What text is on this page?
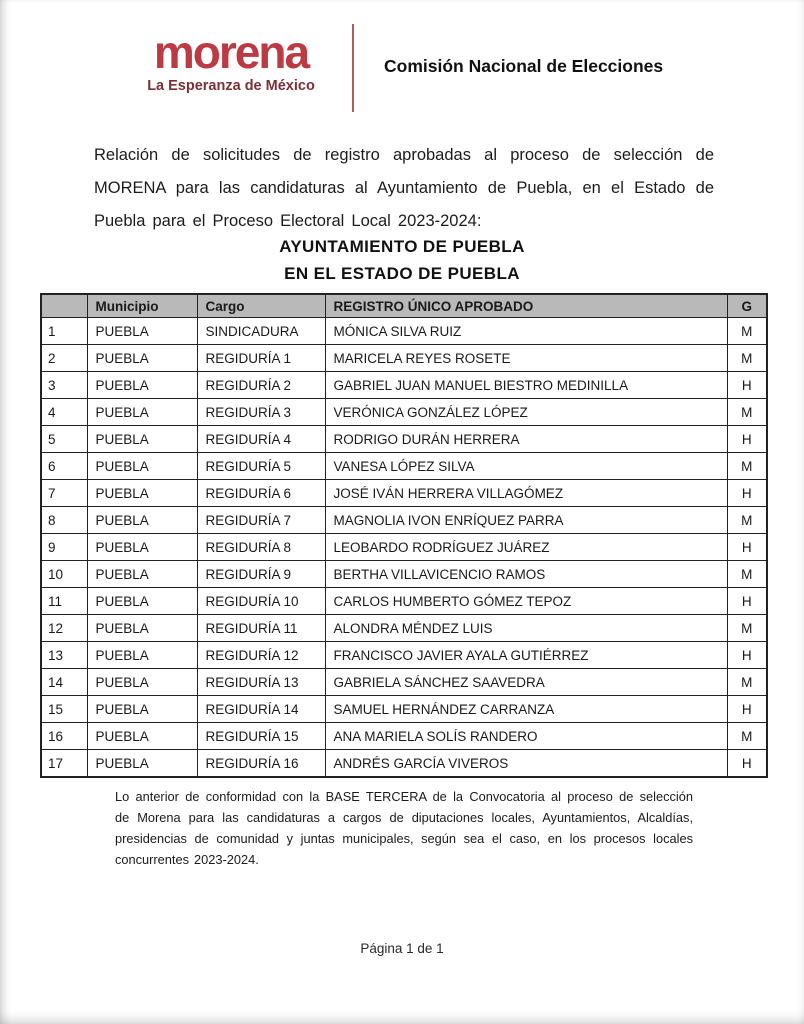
morena
La Esperanza de México
Comisión Nacional de Elecciones

Relación de solicitudes de registro aprobadas al proceso de selección de MORENA para las candidaturas al Ayuntamiento de Puebla, en el Estado de Puebla para el Proceso Electoral Local 2023-2024:

AYUNTAMIENTO DE PUEBLA
EN EL ESTADO DE PUEBLA
	Municipio	Cargo	REGISTRO ÚNICO APROBADO	G
1	PUEBLA	SINDICADURA	MÓNICA SILVA RUIZ	M
2	PUEBLA	REGIDURÍA 1	MARICELA REYES ROSETE	M
3	PUEBLA	REGIDURÍA 2	GABRIEL JUAN MANUEL BIESTRO MEDINILLA	H
4	PUEBLA	REGIDURÍA 3	VERÓNICA GONZÁLEZ LÓPEZ	M
5	PUEBLA	REGIDURÍA 4	RODRIGO DURÁN HERRERA	H
6	PUEBLA	REGIDURÍA 5	VANESA LÓPEZ SILVA	M
7	PUEBLA	REGIDURÍA 6	JOSÉ IVÁN HERRERA VILLAGÓMEZ	H
8	PUEBLA	REGIDURÍA 7	MAGNOLIA IVON ENRÍQUEZ PARRA	M
9	PUEBLA	REGIDURÍA 8	LEOBARDO RODRÍGUEZ JUÁREZ	H
10	PUEBLA	REGIDURÍA 9	BERTHA VILLAVICENCIO RAMOS	M
11	PUEBLA	REGIDURÍA 10	CARLOS HUMBERTO GÓMEZ TEPOZ	H
12	PUEBLA	REGIDURÍA 11	ALONDRA MÉNDEZ LUIS	M
13	PUEBLA	REGIDURÍA 12	FRANCISCO JAVIER AYALA GUTIÉRREZ	H
14	PUEBLA	REGIDURÍA 13	GABRIELA SÁNCHEZ SAAVEDRA	M
15	PUEBLA	REGIDURÍA 14	SAMUEL HERNÁNDEZ CARRANZA	H
16	PUEBLA	REGIDURÍA 15	ANA MARIELA SOLÍS RANDERO	M
17	PUEBLA	REGIDURÍA 16	ANDRÉS GARCÍA VIVEROS	H

Lo anterior de conformidad con la BASE TERCERA de la Convocatoria al proceso de selección de Morena para las candidaturas a cargos de diputaciones locales, Ayuntamientos, Alcaldías, presidencias de comunidad y juntas municipales, según sea el caso, en los procesos locales concurrentes 2023-2024.

Página 1 de 1
